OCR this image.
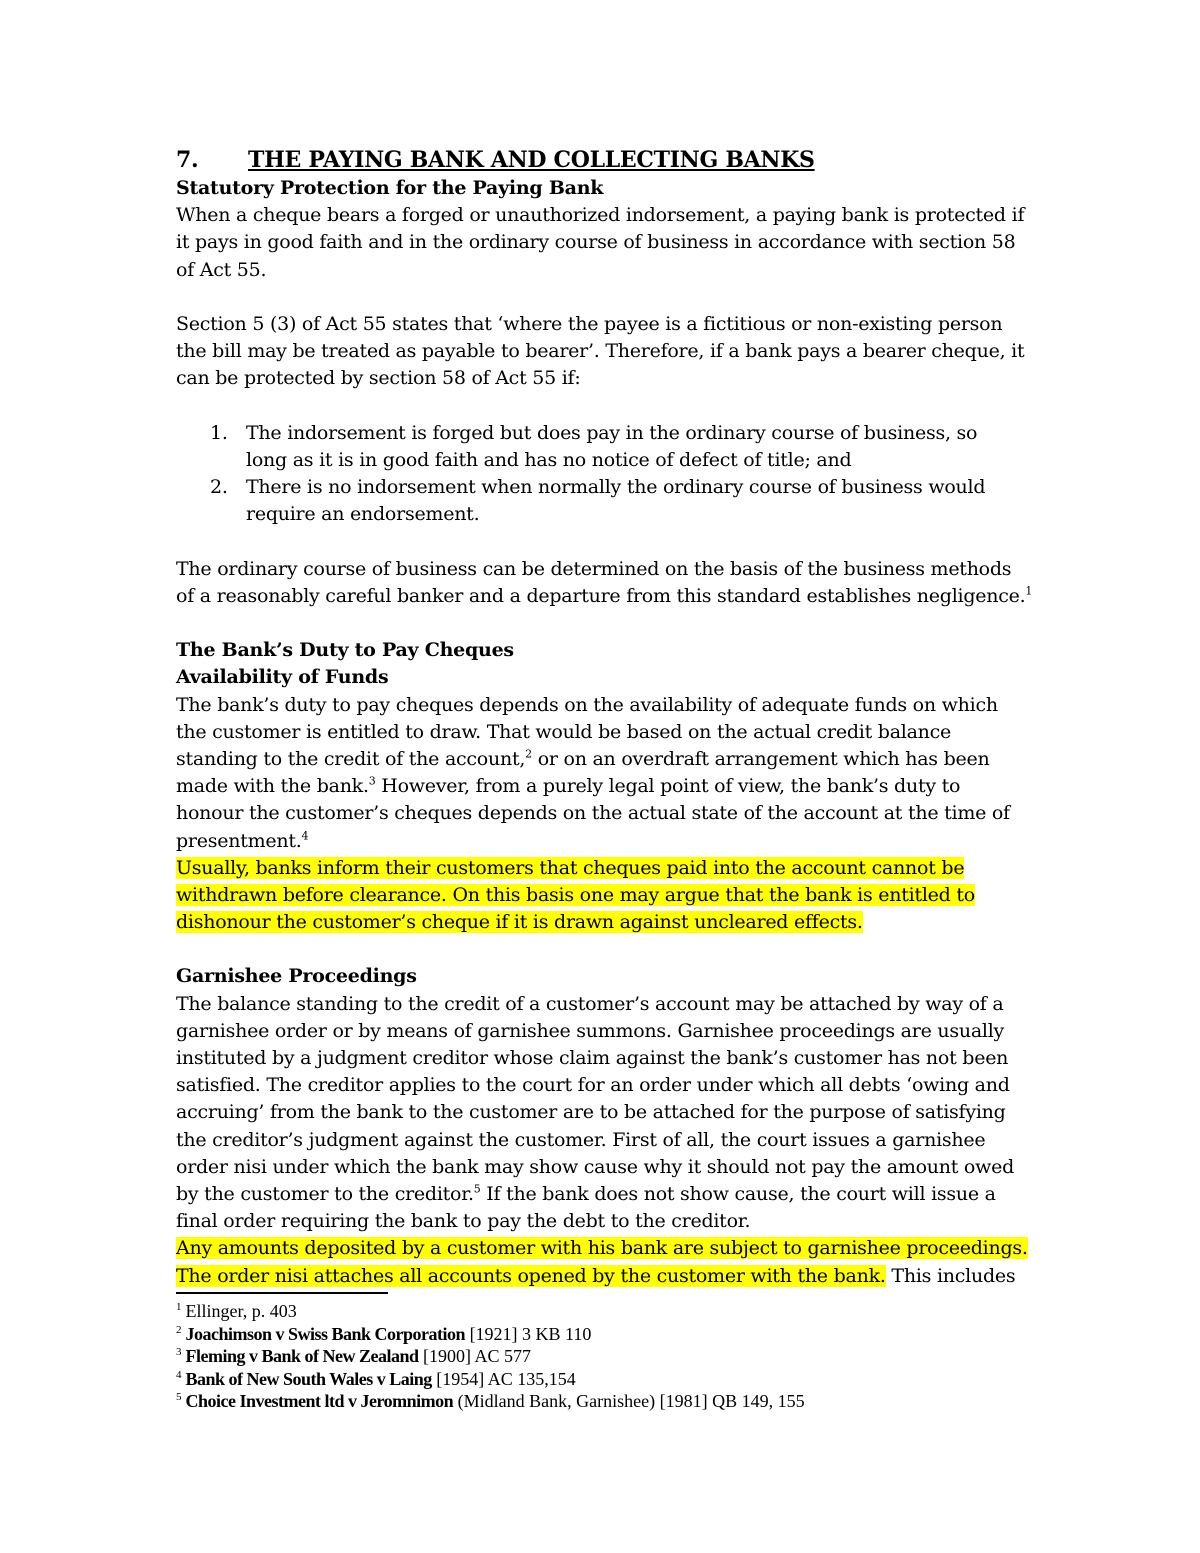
7. THE PAYING BANK AND COLLECTING BANKS
Statutory Protection for the Paying Bank
When a cheque bears a forged or unauthorized indorsement, a paying bank is protected if
it pays in good faith and in the ordinary course of business in accordance with section 58
of Act 55.
Section 5 (3) of Act 55 states that ‘where the payee is a fictitious or non-existing person
the bill may be treated as payable to bearer’. Therefore, if a bank pays a bearer cheque, it
can be protected by section 58 of Act 55 if:
1. The indorsement is forged but does pay in the ordinary course of business, so
long as it is in good faith and has no notice of defect of title; and
2. There is no indorsement when normally the ordinary course of business would
require an endorsement.
The ordinary course of business can be determined on the basis of the business methods
of a reasonably careful banker and a departure from this standard establishes negligence.$^1$
The Bank’s Duty to Pay Cheques
Availability of Funds
The bank’s duty to pay cheques depends on the availability of adequate funds on which
the customer is entitled to draw. That would be based on the actual credit balance
standing to the credit of the account,$^2$ or on an overdraft arrangement which has been
made with the bank.$^3$ However, from a purely legal point of view, the bank’s duty to
honour the customer’s cheques depends on the actual state of the account at the time of
presentment.$^4$
Usually, banks inform their customers that cheques paid into the account cannot be
withdrawn before clearance. On this basis one may argue that the bank is entitled to
dishonour the customer’s cheque if it is drawn against uncleared effects.
Garnishee Proceedings
The balance standing to the credit of a customer’s account may be attached by way of a
garnishee order or by means of garnishee summons. Garnishee proceedings are usually
instituted by a judgment creditor whose claim against the bank’s customer has not been
satisfied. The creditor applies to the court for an order under which all debts ‘owing and
accruing’ from the bank to the customer are to be attached for the purpose of satisfying
the creditor’s judgment against the customer. First of all, the court issues a garnishee
order nisi under which the bank may show cause why it should not pay the amount owed
by the customer to the creditor.$^5$ If the bank does not show cause, the court will issue a
final order requiring the bank to pay the debt to the creditor.
Any amounts deposited by a customer with his bank are subject to garnishee proceedings.
The order nisi attaches all accounts opened by the customer with the bank. This includes
$^1$ Ellinger, p. 403
$^2$ Joachimson v Swiss Bank Corporation [1921] 3 KB 110
$^3$ Fleming v Bank of New Zealand [1900] AC 577
$^4$ Bank of New South Wales v Laing [1954] AC 135,154
$^5$ Choice Investment ltd v Jeromnimon (Midland Bank, Garnishee) [1981] QB 149, 155
